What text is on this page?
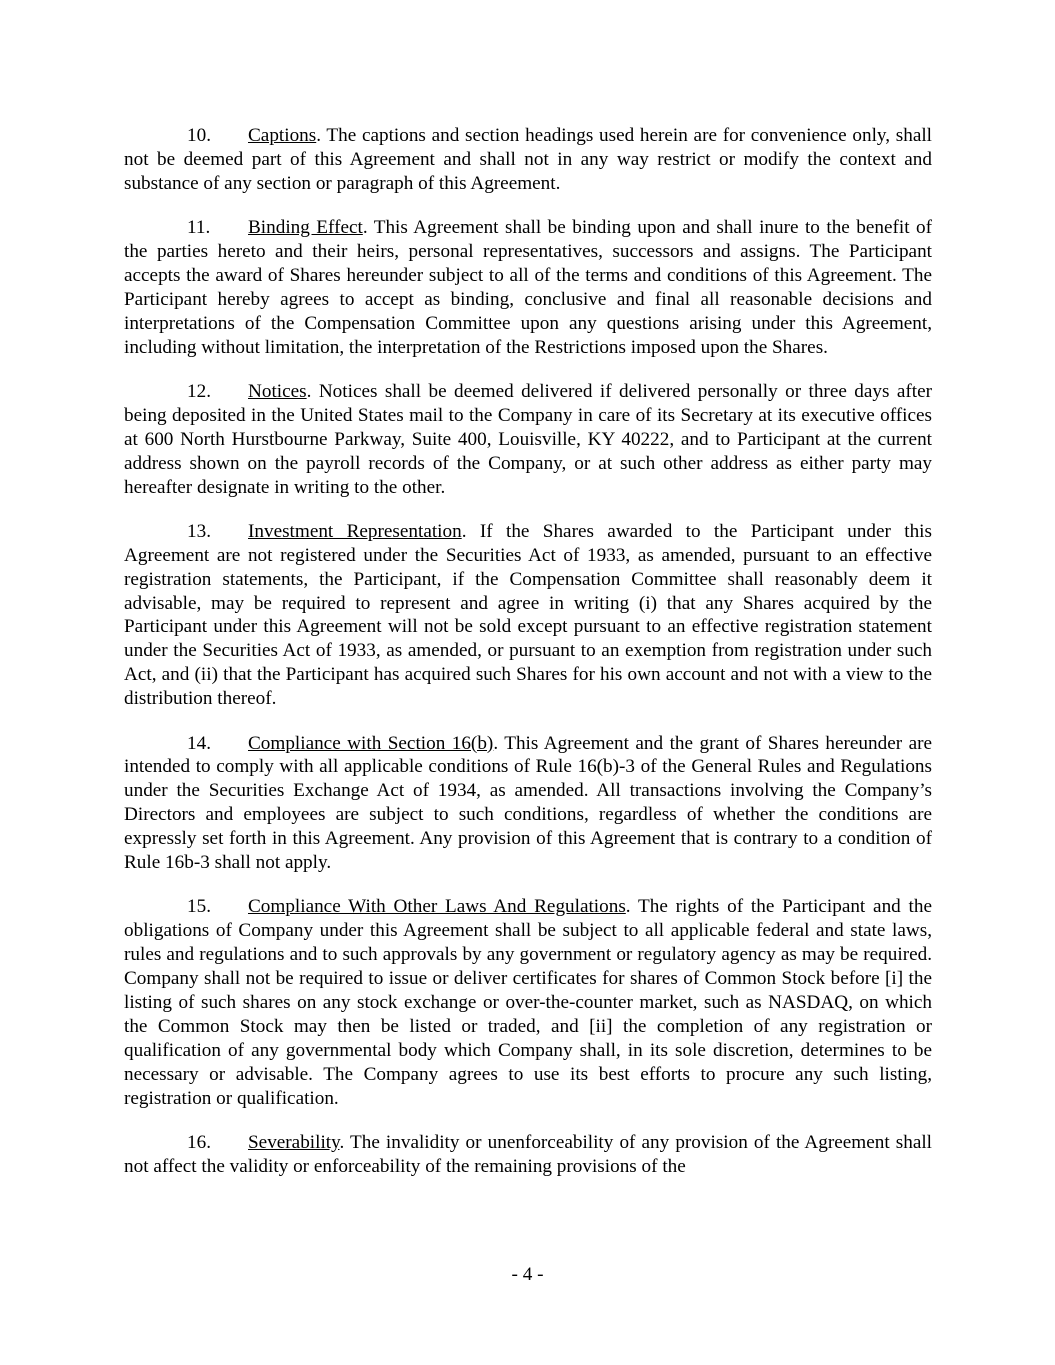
10. Captions. The captions and section headings used herein are for convenience only, shall not be deemed part of this Agreement and shall not in any way restrict or modify the context and substance of any section or paragraph of this Agreement.

11. Binding Effect. This Agreement shall be binding upon and shall inure to the benefit of the parties hereto and their heirs, personal representatives, successors and assigns. The Participant accepts the award of Shares hereunder subject to all of the terms and conditions of this Agreement. The Participant hereby agrees to accept as binding, conclusive and final all reasonable decisions and interpretations of the Compensation Committee upon any questions arising under this Agreement, including without limitation, the interpretation of the Restrictions imposed upon the Shares.

12. Notices. Notices shall be deemed delivered if delivered personally or three days after being deposited in the United States mail to the Company in care of its Secretary at its executive offices at 600 North Hurstbourne Parkway, Suite 400, Louisville, KY 40222, and to Participant at the current address shown on the payroll records of the Company, or at such other address as either party may hereafter designate in writing to the other.

13. Investment Representation. If the Shares awarded to the Participant under this Agreement are not registered under the Securities Act of 1933, as amended, pursuant to an effective registration statements, the Participant, if the Compensation Committee shall reasonably deem it advisable, may be required to represent and agree in writing (i) that any Shares acquired by the Participant under this Agreement will not be sold except pursuant to an effective registration statement under the Securities Act of 1933, as amended, or pursuant to an exemption from registration under such Act, and (ii) that the Participant has acquired such Shares for his own account and not with a view to the distribution thereof.

14. Compliance with Section 16(b). This Agreement and the grant of Shares hereunder are intended to comply with all applicable conditions of Rule 16(b)-3 of the General Rules and Regulations under the Securities Exchange Act of 1934, as amended. All transactions involving the Company’s Directors and employees are subject to such conditions, regardless of whether the conditions are expressly set forth in this Agreement. Any provision of this Agreement that is contrary to a condition of Rule 16b-3 shall not apply.

15. Compliance With Other Laws And Regulations. The rights of the Participant and the obligations of Company under this Agreement shall be subject to all applicable federal and state laws, rules and regulations and to such approvals by any government or regulatory agency as may be required. Company shall not be required to issue or deliver certificates for shares of Common Stock before [i] the listing of such shares on any stock exchange or over-the-counter market, such as NASDAQ, on which the Common Stock may then be listed or traded, and [ii] the completion of any registration or qualification of any governmental body which Company shall, in its sole discretion, determines to be necessary or advisable. The Company agrees to use its best efforts to procure any such listing, registration or qualification.

16. Severability. The invalidity or unenforceability of any provision of the Agreement shall not affect the validity or enforceability of the remaining provisions of the

- 4 -
